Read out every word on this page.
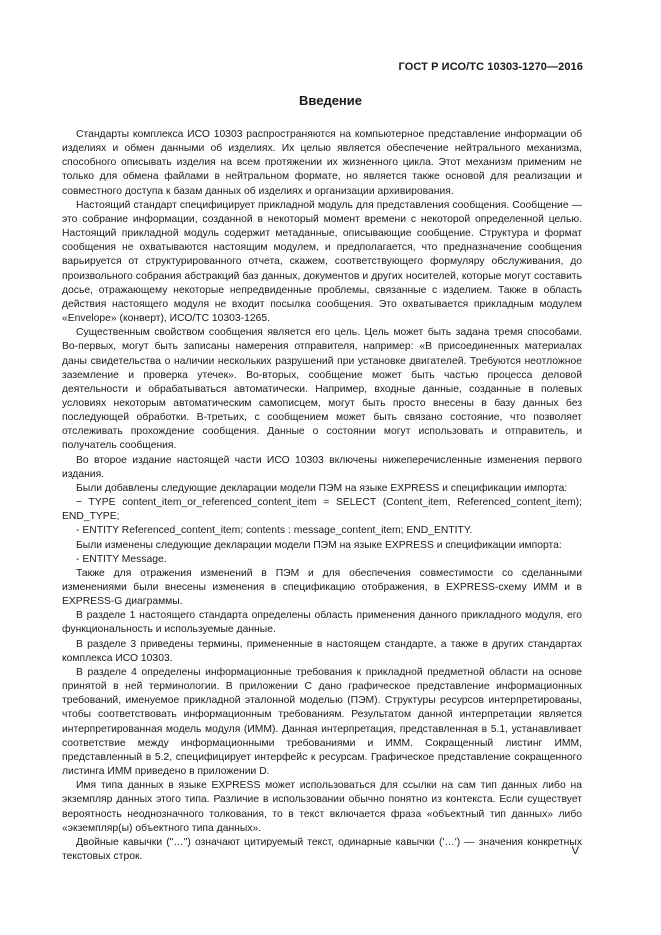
ГОСТ Р ИСО/ТС 10303-1270—2016
Введение

Стандарты комплекса ИСО 10303 распространяются на компьютерное представление информации об изделиях и обмен данными об изделиях. Их целью является обеспечение нейтрального механизма, способного описывать изделия на всем протяжении их жизненного цикла. Этот механизм применим не только для обмена файлами в нейтральном формате, но является также основой для реализации и совместного доступа к базам данных об изделиях и организации архивирования.

Настоящий стандарт специфицирует прикладной модуль для представления сообщения. Сообщение — это собрание информации, созданной в некоторый момент времени с некоторой определенной целью. Настоящий прикладной модуль содержит метаданные, описывающие сообщение. Структура и формат сообщения не охватываются настоящим модулем, и предполагается, что предназначение сообщения варьируется от структурированного отчета, скажем, соответствующего формуляру обслуживания, до произвольного собрания абстракций баз данных, документов и других носителей, которые могут составить досье, отражающему некоторые непредвиденные проблемы, связанные с изделием. Также в область действия настоящего модуля не входит посылка сообщения. Это охватывается прикладным модулем «Envelope» (конверт), ИСО/ТС 10303-1265.

Существенным свойством сообщения является его цель. Цель может быть задана тремя способами. Во-первых, могут быть записаны намерения отправителя, например: «В присоединенных материалах даны свидетельства о наличии нескольких разрушений при установке двигателей. Требуются неотложное заземление и проверка утечек». Во-вторых, сообщение может быть частью процесса деловой деятельности и обрабатываться автоматически. Например, входные данные, созданные в полевых условиях некоторым автоматическим самописцем, могут быть просто внесены в базу данных без последующей обработки. В-третьих, с сообщением может быть связано состояние, что позволяет отслеживать прохождение сообщения. Данные о состоянии могут использовать и отправитель, и получатель сообщения.

Во второе издание настоящей части ИСО 10303 включены нижеперечисленные изменения первого издания.

Были добавлены следующие декларации модели ПЭМ на языке EXPRESS и спецификации импорта:

− TYPE content_item_or_referenced_content_item = SELECT (Content_item, Referenced_content_item); END_TYPE;

- ENTITY Referenced_content_item; contents : message_content_item; END_ENTITY.

Были изменены следующие декларации модели ПЭМ на языке EXPRESS и спецификации импорта:

- ENTITY Message.

Также для отражения изменений в ПЭМ и для обеспечения совместимости со сделанными изменениями были внесены изменения в спецификацию отображения, в EXPRESS-схему ИММ и в EXPRESS-G диаграммы.

В разделе 1 настоящего стандарта определены область применения данного прикладного модуля, его функциональность и используемые данные.

В разделе 3 приведены термины, примененные в настоящем стандарте, а также в других стандартах комплекса ИСО 10303.

В разделе 4 определены информационные требования к прикладной предметной области на основе принятой в ней терминологии. В приложении С дано графическое представление информационных требований, именуемое прикладной эталонной моделью (ПЭМ). Структуры ресурсов интерпретированы, чтобы соответствовать информационным требованиям. Результатом данной интерпретации является интерпретированная модель модуля (ИММ). Данная интерпретация, представленная в 5.1, устанавливает соответствие между информационными требованиями и ИММ. Сокращенный листинг ИММ, представленный в 5.2, специфицирует интерфейс к ресурсам. Графическое представление сокращенного листинга ИММ приведено в приложении D.

Имя типа данных в языке EXPRESS может использоваться для ссылки на сам тип данных либо на экземпляр данных этого типа. Различие в использовании обычно понятно из контекста. Если существует вероятность неоднозначного толкования, то в текст включается фраза «объектный тип данных» либо «экземпляр(ы) объектного типа данных».

Двойные кавычки ("…") означают цитируемый текст, одинарные кавычки ('…') — значения конкретных текстовых строк.	V
